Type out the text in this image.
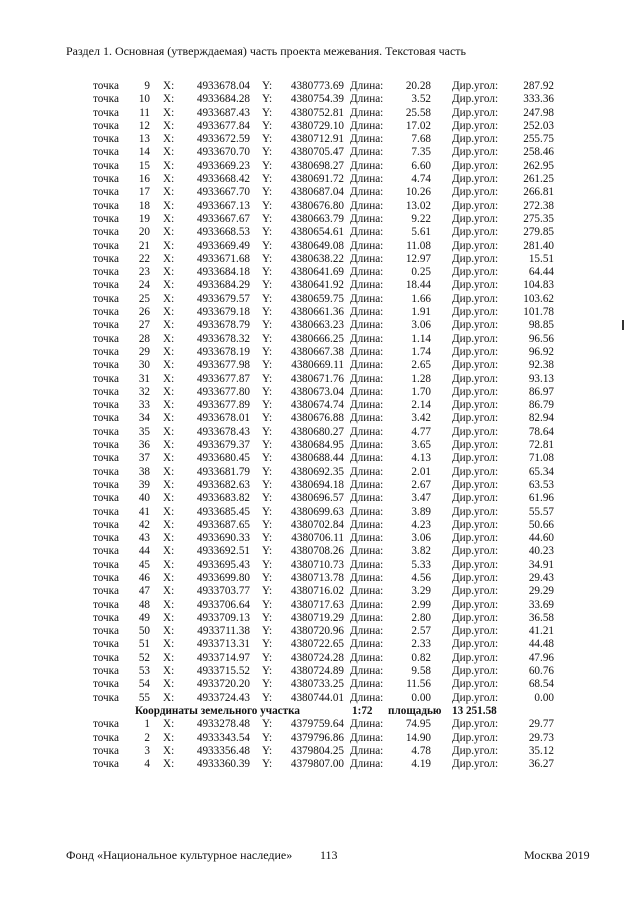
Раздел 1. Основная (утверждаемая) часть проекта межевания. Текстовая часть
точка	9 X:	4933678.04 Y:	4380773.69 Длина:	20.28 Дир.угол:	287.92
точка	10 X:	4933684.28 Y:	4380754.39 Длина:	3.52 Дир.угол:	333.36
точка	11 X:	4933687.43 Y:	4380752.81 Длина:	25.58 Дир.угол:	247.98
точка	12 X:	4933677.84 Y:	4380729.10 Длина:	17.02 Дир.угол:	252.03
точка	13 X:	4933672.59 Y:	4380712.91 Длина:	7.68 Дир.угол:	255.75
точка	14 X:	4933670.70 Y:	4380705.47 Длина:	7.35 Дир.угол:	258.46
точка	15 X:	4933669.23 Y:	4380698.27 Длина:	6.60 Дир.угол:	262.95
точка	16 X:	4933668.42 Y:	4380691.72 Длина:	4.74 Дир.угол:	261.25
точка	17 X:	4933667.70 Y:	4380687.04 Длина:	10.26 Дир.угол:	266.81
точка	18 X:	4933667.13 Y:	4380676.80 Длина:	13.02 Дир.угол:	272.38
точка	19 X:	4933667.67 Y:	4380663.79 Длина:	9.22 Дир.угол:	275.35
точка	20 X:	4933668.53 Y:	4380654.61 Длина:	5.61 Дир.угол:	279.85
точка	21 X:	4933669.49 Y:	4380649.08 Длина:	11.08 Дир.угол:	281.40
точка	22 X:	4933671.68 Y:	4380638.22 Длина:	12.97 Дир.угол:	15.51
точка	23 X:	4933684.18 Y:	4380641.69 Длина:	0.25 Дир.угол:	64.44
точка	24 X:	4933684.29 Y:	4380641.92 Длина:	18.44 Дир.угол:	104.83
точка	25 X:	4933679.57 Y:	4380659.75 Длина:	1.66 Дир.угол:	103.62
точка	26 X:	4933679.18 Y:	4380661.36 Длина:	1.91 Дир.угол:	101.78
точка	27 X:	4933678.79 Y:	4380663.23 Длина:	3.06 Дир.угол:	98.85
точка	28 X:	4933678.32 Y:	4380666.25 Длина:	1.14 Дир.угол:	96.56
точка	29 X:	4933678.19 Y:	4380667.38 Длина:	1.74 Дир.угол:	96.92
точка	30 X:	4933677.98 Y:	4380669.11 Длина:	2.65 Дир.угол:	92.38
точка	31 X:	4933677.87 Y:	4380671.76 Длина:	1.28 Дир.угол:	93.13
точка	32 X:	4933677.80 Y:	4380673.04 Длина:	1.70 Дир.угол:	86.97
точка	33 X:	4933677.89 Y:	4380674.74 Длина:	2.14 Дир.угол:	86.79
точка	34 X:	4933678.01 Y:	4380676.88 Длина:	3.42 Дир.угол:	82.94
точка	35 X:	4933678.43 Y:	4380680.27 Длина:	4.77 Дир.угол:	78.64
точка	36 X:	4933679.37 Y:	4380684.95 Длина:	3.65 Дир.угол:	72.81
точка	37 X:	4933680.45 Y:	4380688.44 Длина:	4.13 Дир.угол:	71.08
точка	38 X:	4933681.79 Y:	4380692.35 Длина:	2.01 Дир.угол:	65.34
точка	39 X:	4933682.63 Y:	4380694.18 Длина:	2.67 Дир.угол:	63.53
точка	40 X:	4933683.82 Y:	4380696.57 Длина:	3.47 Дир.угол:	61.96
точка	41 X:	4933685.45 Y:	4380699.63 Длина:	3.89 Дир.угол:	55.57
точка	42 X:	4933687.65 Y:	4380702.84 Длина:	4.23 Дир.угол:	50.66
точка	43 X:	4933690.33 Y:	4380706.11 Длина:	3.06 Дир.угол:	44.60
точка	44 X:	4933692.51 Y:	4380708.26 Длина:	3.82 Дир.угол:	40.23
точка	45 X:	4933695.43 Y:	4380710.73 Длина:	5.33 Дир.угол:	34.91
точка	46 X:	4933699.80 Y:	4380713.78 Длина:	4.56 Дир.угол:	29.43
точка	47 X:	4933703.77 Y:	4380716.02 Длина:	3.29 Дир.угол:	29.29
точка	48 X:	4933706.64 Y:	4380717.63 Длина:	2.99 Дир.угол:	33.69
точка	49 X:	4933709.13 Y:	4380719.29 Длина:	2.80 Дир.угол:	36.58
точка	50 X:	4933711.38 Y:	4380720.96 Длина:	2.57 Дир.угол:	41.21
точка	51 X:	4933713.31 Y:	4380722.65 Длина:	2.33 Дир.угол:	44.48
точка	52 X:	4933714.97 Y:	4380724.28 Длина:	0.82 Дир.угол:	47.96
точка	53 X:	4933715.52 Y:	4380724.89 Длина:	9.58 Дир.угол:	60.76
точка	54 X:	4933720.20 Y:	4380733.25 Длина:	11.56 Дир.угол:	68.54
точка	55 X:	4933724.43 Y:	4380744.01 Длина:	0.00 Дир.угол:	0.00
Координаты земельного участка	1:72 площадью 13 251.58
точка	1 X:	4933278.48 Y:	4379759.64 Длина:	74.95 Дир.угол:	29.77
точка	2 X:	4933343.54 Y:	4379796.86 Длина:	14.90 Дир.угол:	29.73
точка	3 X:	4933356.48 Y:	4379804.25 Длина:	4.78 Дир.угол:	35.12
точка	4 X:	4933360.39 Y:	4379807.00 Длина:	4.19 Дир.угол:	36.27
Фонд «Национальное культурное наследие» 113	Москва 2019
